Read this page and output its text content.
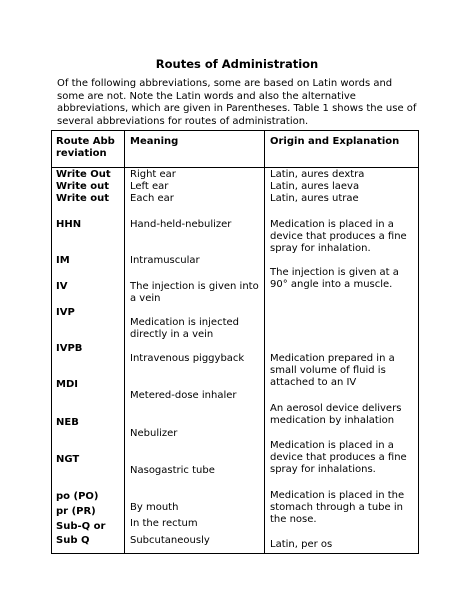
Routes of Administration

Of the following abbreviations, some are based on Latin words and some are not. Note the Latin words and also the alternative abbreviations, which are given in Parentheses. Table 1 shows the use of several abbreviations for routes of administration.

Route Abbreviation
Meaning	Origin and Explanation
Write Out
Write out
Write out
HHN
IM
IV
IVP
IVPB
MDI
NEB
NGT
po (PO)
pr (PR)
Sub-Q or
Sub Q
Right ear
Left ear
Each ear
Hand-held-nebulizer
Intramuscular
The injection is given into a vein
Medication is injected directly in a vein
Intravenous piggyback
Metered-dose inhaler
Nebulizer
Nasogastric tube
By mouth
In the rectum
Subcutaneously
Latin, aures dextra
Latin, aures laeva
Latin, aures utrae
Medication is placed in a device that produces a fine spray for inhalation.
The injection is given at a 90° angle into a muscle.
Medication prepared in a small volume of fluid is attached to an IV
An aerosol device delivers medication by inhalation
Medication is placed in a device that produces a fine spray for inhalations.
Medication is placed in the stomach through a tube in the nose.
Latin, per os
